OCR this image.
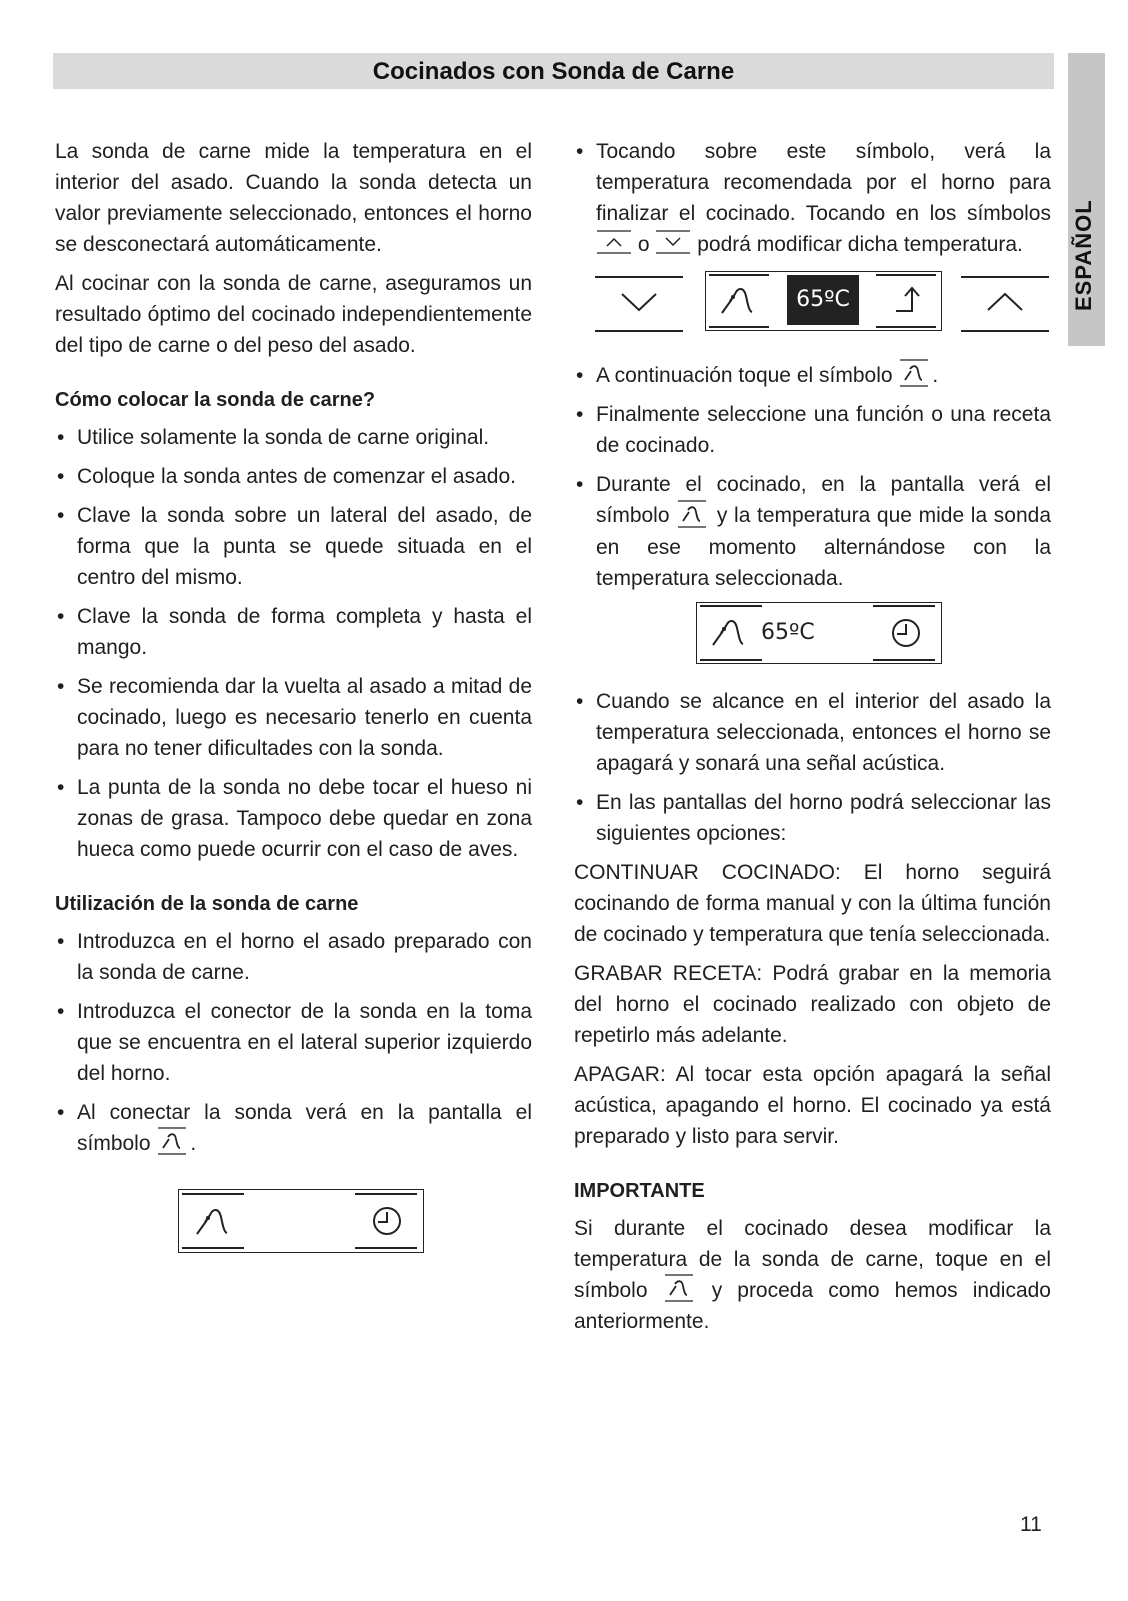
Cocinados con Sonda de Carne
ESPAÑOL

La sonda de carne mide la temperatura en el interior del asado. Cuando la sonda detecta un valor previamente seleccionado, entonces el horno se desconectará automáticamente.

Al cocinar con la sonda de carne, aseguramos un resultado óptimo del cocinado independientemente del tipo de carne o del peso del asado.

Cómo colocar la sonda de carne?
• Utilice solamente la sonda de carne original.
• Coloque la sonda antes de comenzar el asado.
• Clave la sonda sobre un lateral del asado, de forma que la punta se quede situada en el centro del mismo.
• Clave la sonda de forma completa y hasta el mango.
• Se recomienda dar la vuelta al asado a mitad de cocinado, luego es necesario tenerlo en cuenta para no tener dificultades con la sonda.
• La punta de la sonda no debe tocar el hueso ni zonas de grasa. Tampoco debe quedar en zona hueca como puede ocurrir con el caso de aves.
Utilización de la sonda de carne
• Introduzca en el horno el asado preparado con la sonda de carne.
• Introduzca el conector de la sonda en la toma que se encuentra en el lateral superior izquierdo del horno.
• Al conectar la sonda verá en la pantalla el símbolo .
• Tocando sobre este símbolo, verá la temperatura recomendada por el horno para finalizar el cocinado. Tocando en los símbolos  o podrá modificar dicha temperatura.
65ºC
• A continuación toque el símbolo .
• Finalmente seleccione una función o una receta de cocinado.
• Durante el cocinado, en la pantalla verá el símbolo y la temperatura que mide la sonda en ese momento alternándose con la temperatura seleccionada.
65ºC
• Cuando se alcance en el interior del asado la temperatura seleccionada, entonces el horno se apagará y sonará una señal acústica.
• En las pantallas del horno podrá seleccionar las siguientes opciones:

CONTINUAR COCINADO: El horno seguirá cocinando de forma manual y con la última función de cocinado y temperatura que tenía seleccionada.

GRABAR RECETA: Podrá grabar en la memoria del horno el cocinado realizado con objeto de repetirlo más adelante.

APAGAR: Al tocar esta opción apagará la señal acústica, apagando el horno. El cocinado ya está preparado y listo para servir.

IMPORTANTE

Si durante el cocinado desea modificar la temperatura de la sonda de carne, toque en el símbolo	y proceda como hemos indicado anteriormente.

11
